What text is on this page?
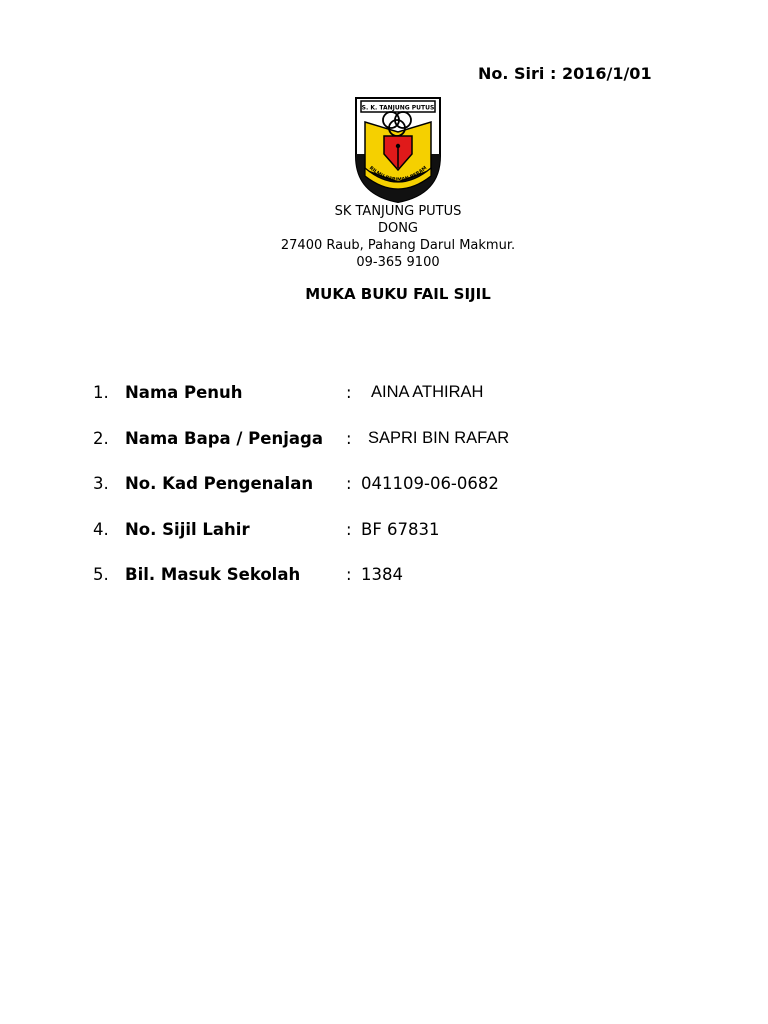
No. Siri : 2016/1/01
S. K. TANJUNG PUTUS
RILMU BERIMAN BERAM
SK TANJUNG PUTUS
DONG
27400 Raub, Pahang Darul Makmur.
09-365 9100
MUKA BUKU FAIL SIJIL
1. Nama Penuh	: AINA ATHIRAH
2. Nama Bapa / Penjaga : SAPRI BIN RAFAR
3. No. Kad Pengenalan : 041109-06-0682
4. No. Sijil Lahir	: BF 67831
5. Bil. Masuk Sekolah	: 1384
